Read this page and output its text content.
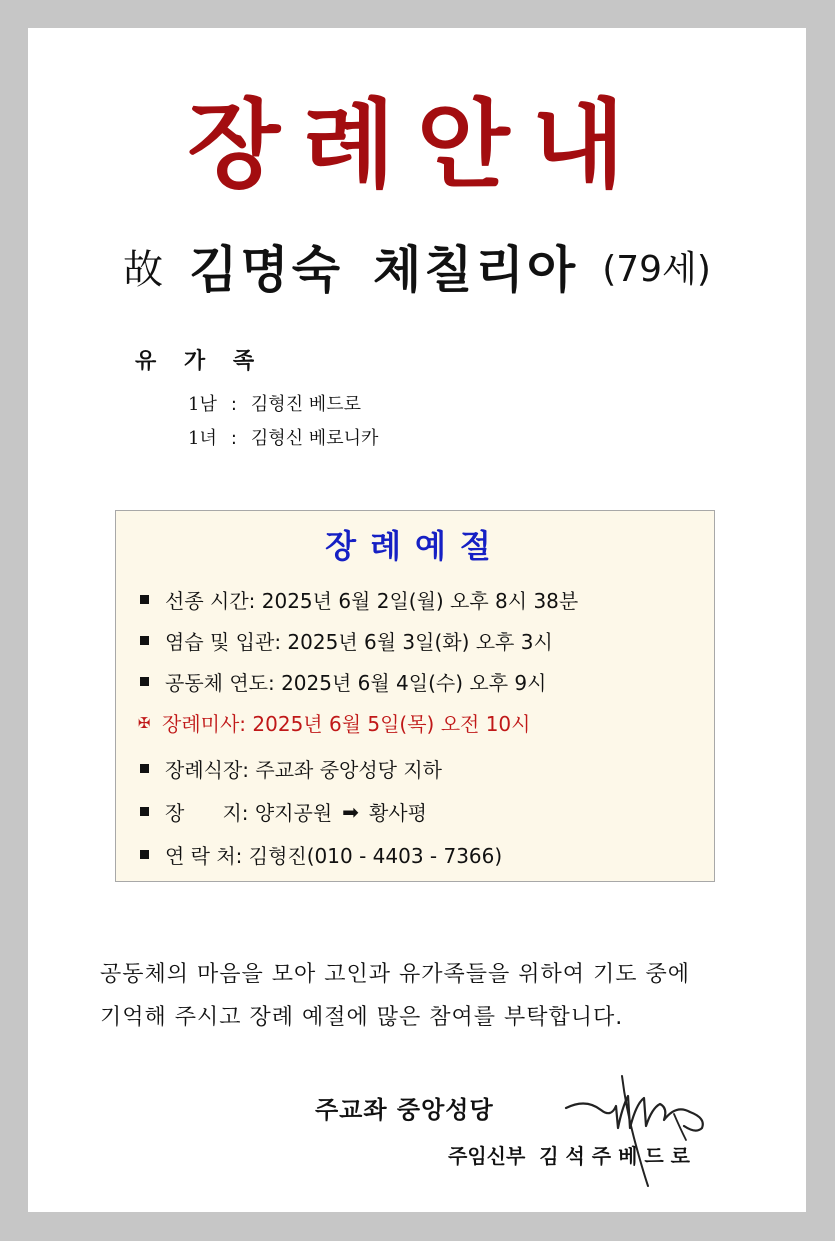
장례안내
故 김명숙 체칠리아 (79세)
유 가 족
1남 : 김형진 베드로
1녀 : 김형신 베로니카
장례예절
선종 시간:
2025년 6월 2일(월) 오후 8시 38분
염습 및 입관:
2025년 6월 3일(화) 오후 3시
공동체 연도:
2025년 6월 4일(수) 오후 9시
✠ 장례미사:
2025년 6월 5일(목) 오전 10시
장례식장:
주교좌 중앙성당 지하
장      지:
양지공원 ➡ 황사평
연 락 처:
김형진(010 - 4403 - 7366)
공동체의 마음을 모아 고인과 유가족들을 위하여 기도 중에
기억해 주시고 장례 예절에 많은 참여를 부탁합니다.
주교좌 중앙성당
주임신부 김 석 주 베 드 로
